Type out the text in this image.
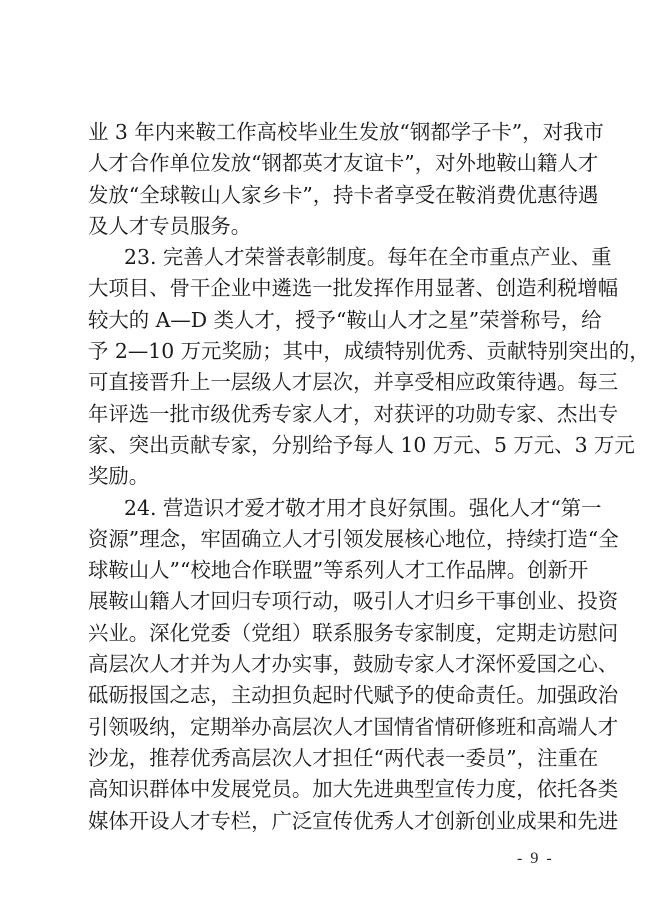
业 3 年内来鞍工作高校毕业生发放“钢都学子卡”，对我市
人才合作单位发放“钢都英才友谊卡”，对外地鞍山籍人才
发放“全球鞍山人家乡卡”，持卡者享受在鞍消费优惠待遇
及人才专员服务。
23. 完善人才荣誉表彰制度。每年在全市重点产业、重
大项目、骨干企业中遴选一批发挥作用显著、创造利税增幅
较大的 A—D 类人才，授予“鞍山人才之星”荣誉称号，给
予 2—10 万元奖励；其中，成绩特别优秀、贡献特别突出的，
可直接晋升上一层级人才层次，并享受相应政策待遇。每三
年评选一批市级优秀专家人才，对获评的功勋专家、杰出专
家、突出贡献专家，分别给予每人 10 万元、5 万元、3 万元
奖励。
24. 营造识才爱才敬才用才良好氛围。强化人才“第一
资源”理念，牢固确立人才引领发展核心地位，持续打造“全
球鞍山人”“校地合作联盟”等系列人才工作品牌。创新开
展鞍山籍人才回归专项行动，吸引人才归乡干事创业、投资
兴业。深化党委（党组）联系服务专家制度，定期走访慰问
高层次人才并为人才办实事，鼓励专家人才深怀爱国之心、
砥砺报国之志，主动担负起时代赋予的使命责任。加强政治
引领吸纳，定期举办高层次人才国情省情研修班和高端人才
沙龙，推荐优秀高层次人才担任“两代表一委员”，注重在
高知识群体中发展党员。加大先进典型宣传力度，依托各类
媒体开设人才专栏，广泛宣传优秀人才创新创业成果和先进
- 9 -
